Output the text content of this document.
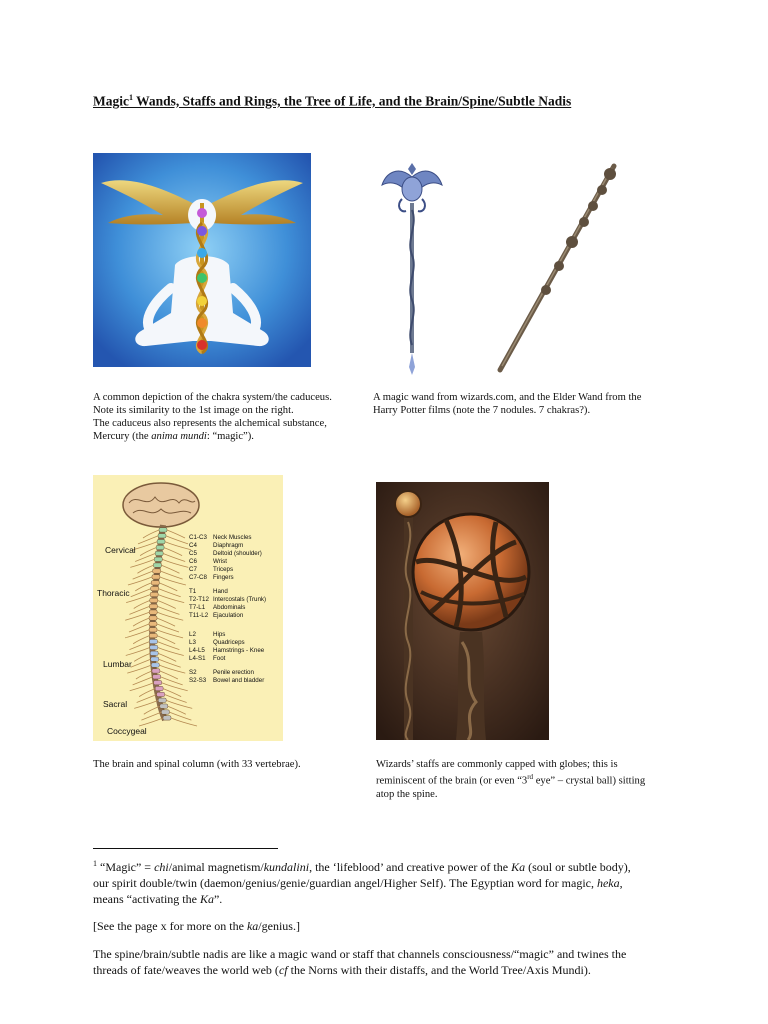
Magic$^1$ Wands, Staffs and Rings, the Tree of Life, and the Brain/Spine/Subtle Nadis
A common depiction of the chakra system/the caduceus.
Note its similarity to the 1st image on the right.
The caduceus also represents the alchemical substance,
Mercury (the anima mundi: “magic”).
A magic wand from wizards.com, and the Elder Wand from the
Harry Potter films (note the 7 nodules. 7 chakras?).
Cervical
Thoracic
Lumbar
Sacral
Coccygeal
C1-C3 Neck Muscles
C4	Diaphragm
C5	Deltoid (shoulder)
C6	Wrist
C7	Triceps
C7-C8 Fingers
T1	Hand
T2-T12 Intercostals (Trunk)
T7-L1	Abdominals
T11-L2 Ejaculation
L2	Hips
L3	Quadriceps
L4-L5	Hamstrings - Knee
L4-S1	Foot
S2	Penile erection
S2-S3	Bowel and bladder
The brain and spinal column (with 33 vertebrae).	Wizards’ staffs are commonly capped with globes; this is
reminiscent of the brain (or even “3rd eye” – crystal ball) sitting
atop the spine.
$^1$ “Magic” = chi/animal magnetism/kundalini, the ‘lifeblood’ and creative power of the Ka (soul or subtle body),
our spirit double/twin (daemon/genius/genie/guardian angel/Higher Self). The Egyptian word for magic, heka,
means “activating the Ka”.
[See the page x for more on the ka/genius.]
The spine/brain/subtle nadis are like a magic wand or staff that channels consciousness/“magic” and twines the
threads of fate/weaves the world web (cf the Norns with their distaffs, and the World Tree/Axis Mundi).
